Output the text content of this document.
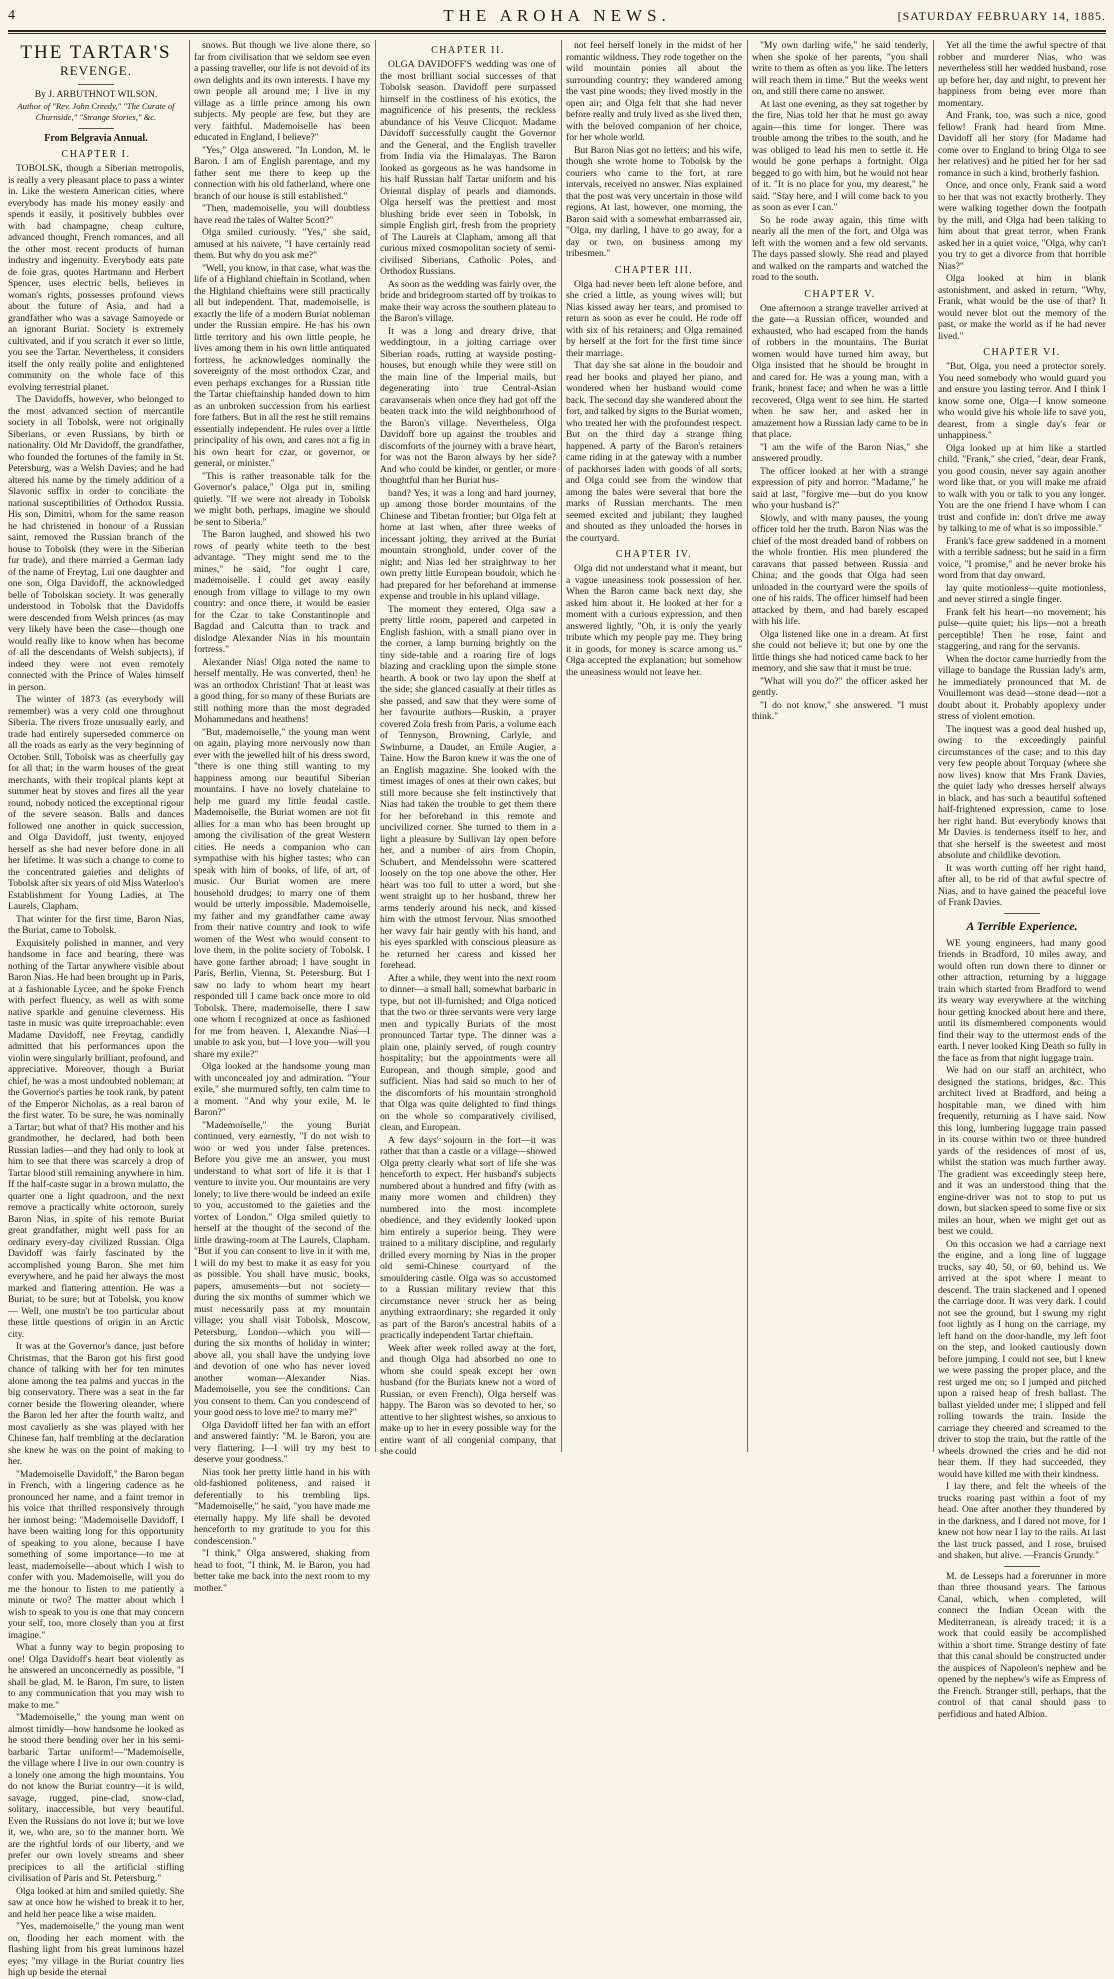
4	THE AROHA NEWS.	[SATURDAY FEBRUARY 14, 1885.
THE TARTAR'S
REVENGE.
By J. ARBUTHNOT WILSON.
Author of "Rev. John Creedy," "The Curate of Churnside," "Strange Stories," &c.
From Belgravia Annual.
CHAPTER I.

TOBOLSK, though a Siberian metropolis, is really a very pleasant place to pass a winter in. Like the western American cities, where everybody has made his money easily and spends it easily, it positively bubbles over with bad champagne, cheap culture, advanced thought, French romances, and all the other most recent products of human industry and ingenuity. Everybody eats pate de foie gras, quotes Hartmann and Herbert Spencer, uses electric bells, believes in woman's rights, possesses profound views about the future of Asia, and had a grandfather who was a savage Samoyede or an ignorant Buriat. Society is extremely cultivated, and if you scratch it ever so little, you see the Tartar. Nevertheless, it considers itself the only really polite and enlightened community on the whole face of this evolving terrestrial planet.

The Davidoffs, however, who belonged to the most advanced section of mercantile society in all Tobolsk, were not originally Siberians, or even Russians, by birth or nationality. Old Mr Davidoff, the grandfather, who founded the fortunes of the family in St. Petersburg, was a Welsh Davies; and he had altered his name by the timely addition of a Slavonic suffix in order to conciliate the national susceptibilities of Orthodox Russia. His son, Dimitri, whom for the same reason he had christened in honour of a Russian saint, removed the Russian branch of the house to Tobolsk (they were in the Siberian fur trade), and there married a German lady of the name of Freytag, Lui one daughter and one son, Olga Davidoff, the acknowledged belle of Tobolskan society. It was generally understood in Tobolsk that the Davidoffs were descended from Welsh princes (as may very likely have been the case—though one would really like to know when has become of all the descendants of Welsh subjects), if indeed they were not even remotely connected with the Prince of Wales himself in person.

The winter of 1873 (as everybody will remember) was a very cold one throughout Siberia. The rivers froze unusually early, and trade had entirely superseded commerce on all the roads as early as the very beginning of October. Still, Tobolsk was as cheerfully gay for all that; in the warm houses of the great merchants, with their tropical plants kept at summer heat by stoves and fires all the year round, nobody noticed the exceptional rigour of the severe season. Balls and dances followed one another in quick succession, and Olga Davidoff, just twenty, enjoyed herself as she had never before done in all her lifetime. It was such a change to come to the concentrated gaieties and delights of Tobolsk after six years of old Miss Waterloo's Establishment for Young Ladies, at The Laurels, Clapham.

That winter for the first time, Baron Nias, the Buriat, came to Tobolsk.

Exquisitely polished in manner, and very handsome in face and bearing, there was nothing of the Tartar anywhere visible about Baron Nias. He had been brought up in Paris, at a fashionable Lycee, and he spoke French with perfect fluency, as well as with some native sparkle and genuine cleverness. His taste in music was quite irreproachable: even Madame Davidoff, nee Freytag, candidly admitted that his performances upon the violin were singularly brilliant, profound, and appreciative. Moreover, though a Buriat chief, he was a most undoubted nobleman; at the Governor's parties he took rank, by patent of the Emperor Nicholas, as a real baron of the first water. To be sure, he was nominally a Tartar; but what of that? His mother and his grandmother, he declared, had both been Russian ladies—and they had only to look at him to see that there was scarcely a drop of Tartar blood still remaining anywhere in him. If the half-caste sugar in a brown mulatto, the quarter one a light quadroon, and the next remove a practically white octoroon, surely Baron Nias, in spite of his remote Buriat great grandfather, might well pass for an ordinary every-day civilized Russian. Olga Davidoff was fairly fascinated by the accomplished young Baron. She met him everywhere, and he paid her always the most marked and flattering attention. He was a Buriat, to be sure; but at Tobolsk, you know— Well, one mustn't be too particular about these little questions of origin in an Arctic city.

It was at the Governor's dance, just before Christmas, that the Baron got his first good chance of talking with her for ten minutes alone among the tea palms and yuccas in the big conservatory. There was a seat in the far corner beside the flowering oleander, where the Baron led her after the fourth waltz, and most cavalierly as she was played with her Chinese fan, half trembling at the declaration she knew he was on the point of making to her.

"Mademoiselle Davidoff," the Baron began in French, with a lingering cadence as he pronounced her name, and a faint tremor in his voice that thrilled responsively through her inmost being: "Mademoiselle Davidoff, I have been waiting long for this opportunity of speaking to you alone, because I have something of some importance—to me at least, mademoiselle—about which I wish to confer with you. Mademoiselle, will you do me the honour to listen to me patiently a minute or two? The matter about which I wish to speak to you is one that may concern your self, too, more closely than you at first imagine."

What a funny way to begin proposing to one! Olga Davidoff's heart beat violently as he answered an unconcernedly as possible, "I shall be glad, M. le Baron, I'm sure, to listen to any communication that you may wish to make to me."

"Mademoiselle," the young man went on almost timidly—how handsome he looked as he stood there bending over her in his semi-barbaric Tartar uniform!—"Mademoiselle, the village where I live in our own country is a lonely one among the high mountains. You do not know the Buriat country—it is wild, savage, rugged, pine-clad, snow-clad, solitary, inaccessible, but very beautiful. Even the Russians do not love it; but we love it, we, who are, so to the manner born. We are the rightful lords of our liberty, and we prefer our own lovely streams and sheer precipices to all the artificial stifling civilisation of Paris and St. Petersburg."

Olga looked at him and smiled quietly. She saw at once how he wished to break it to her, and held her peace like a wise maiden.

"Yes, mademoiselle," the young man went on, flooding her each moment with the flashing light from his great luminous hazel eyes; "my village in the Buriat country lies high up beside the eternal

snows. But though we live alone there, so far from civilisation that we seldom see even a passing traveller, our life is not devoid of its own delights and its own interests. I have my own people all around me; I live in my village as a little prince among his own subjects. My people are few, but they are very faithful. Mademoiselle has been educated in England, I believe?"

"Yes," Olga answered. "In London, M. le Baron. I am of English parentage, and my father sent me there to keep up the connection with his old fatherland, where one branch of our house is still established."

"Then, mademoiselle, you will doubtless have read the tales of Walter Scott?"

Olga smiled curiously. "Yes," she said, amused at his naivete, "I have certainly read them. But why do you ask me?"

"Well, you know, in that case, what was the life of a Highland chieftain in Scotland, when the Highland chieftains were still practically all but independent. That, mademoiselle, is exactly the life of a modern Buriat nobleman under the Russian empire. He has his own little territory and his own little people, he lives among them in his own little antiquated fortress, he acknowledges nominally the sovereignty of the most orthodox Czar, and even perhaps exchanges for a Russian title the Tartar chieftainship handed down to him as an unbroken succession from his earliest fore fathers. But in all the rest he still remains essentially independent. He rules over a little principality of his own, and cares not a fig in his own heart for czar, or governor, or general, or minister."

"This is rather treasonable talk for the Governor's palace," Olga put in, smiling quietly. "If we were not already in Tobolsk we might both, perhaps, imagine we should be sent to Siberia."

The Baron laughed, and showed his two rows of pearly white teeth to the best advantage. "They might send me to the mines," he said, "for ought I care, mademoiselle. I could get away easily enough from village to village to my own country: and once there, it would be easier for the Czar to take Constantinople and Bagdad and Calcutta than to track and dislodge Alexander Nias in his mountain fortress."

Alexander Nias! Olga noted the name to herself mentally. He was converted, then! he was an orthodox Christian! That at least was a good thing, for so many of these Buriats are still nothing more than the most degraded Mohammedans and heathens!

"But, mademoiselle," the young man went on again, playing more nervously now than ever with the jewelled hilt of his dress sword, "there is one thing still wanting to my happiness among our beautiful Siberian mountains. I have no lovely chatelaine to help me guard my little feudal castle. Mademoiselle, the Buriat women are not fit allies for a man who has been brought up among the civilisation of the great Western cities. He needs a companion who can sympathise with his higher tastes; who can speak with him of books, of life, of art, of music. Our Buriat women are mere household drudges; to marry one of them would be utterly impossible. Mademoiselle, my father and my grandfather came away from their native country and took to wife women of the West who would consent to love them, in the polite society of Tobolsk. I have gone farther abroad; I have sought in Paris, Berlin, Vienna, St. Petersburg. But I saw no lady to whom heart my heart responded till I came back once more to old Tobolsk. There, mademoiselle, there I saw one whom I recognized at once as fashioned for me from heaven. I, Alexandre Nias—I unable to ask you, but—I love you—will you share my exile?"

Olga looked at the handsome young man with unconcealed joy and admiration. "Your exile," she murmured softly, ten calm time to a moment. "And why your exile, M. le Baron?"

"Mademoiselle," the young Buriat continued, very earnestly, "I do not wish to woo or wed you under false pretences. Before you give me an answer, you must understand to what sort of life it is that I venture to invite you. Our mountains are very lonely; to live there would be indeed an exile to you, accustomed to the gaieties and the vortex of London." Olga smiled quietly to herself at the thought of the second of the little drawing-room at The Laurels, Clapham. "But if you can consent to live in it with me, I will do my best to make it as easy for you as possible. You shall have music, books, papers, amusements—but not society—during the six months of summer which we must necessarily pass at my mountain village; you shall visit Tobolsk, Moscow, Petersburg, London—which you will—during the six months of holiday in winter; above all, you shall have the undying love and devotion of one who has never loved another woman—Alexander Nias. Mademoiselle, you see the conditions. Can you consent to them. Can you condescend of your good ness to love me? to marry me?"

Olga Davidoff lifted her fan with an effort and answered faintly: "M. le Baron, you are very flattering. I—I will try my best to deserve your goodness."

Nias took her pretty little hand in his with old-fashioned politeness, and raised it deferentially to his trembling lips. "Mademoiselle," he said, "you have made me eternally happy. My life shall be devoted henceforth to my gratitude to you for this condescension."

"I think," Olga answered, shaking from head to foot, "I think, M. le Baron, you had better take me back into the next room to my mother."

CHAPTER II.

OLGA DAVIDOFF'S wedding was one of the most brilliant social successes of that Tobolsk season. Davidoff pere surpassed himself in the costliness of his exotics, the magnificence of his presents, the reckless abundance of his Veuve Clicquot. Madame Davidoff successfully caught the Governor and the General, and the English traveller from India via the Himalayas. The Baron looked as gorgeous as he was handsome in his half Russian half Tartar uniform and his Oriental display of pearls and diamonds. Olga herself was the prettiest and most blushing bride ever seen in Tobolsk, in simple English girl, fresh from the propriety of The Laurels at Clapham, among all that curious mixed cosmopolitan society of semi-civilised Siberians, Catholic Poles, and Orthodox Russians.

As soon as the wedding was fairly over, the bride and bridegroom started off by troikas to make their way across the southern plateau to the Baron's village.

It was a long and dreary drive, that weddingtour, in a jolting carriage over Siberian roads, rutting at wayside posting-houses, but enough while they were still on the main line of the Imperial mails, but degenerating into true Central-Asian caravanserais when once they had got off the beaten track into the wild neighbourhood of the Baron's village. Nevertheless, Olga Davidoff bore up against the troubles and discomforts of the journey with a brave heart, for was not the Baron always by her side? And who could be kinder, or gentler, or more thoughtful than her Buriat hus-

band? Yes, it was a long and hard journey, up among those border mountains of the Chinese and Tibetan frontier; but Olga felt at home at last when, after three weeks of incessant jolting, they arrived at the Buriat mountain stronghold, under cover of the night; and Nias led her straightway to her own pretty little European boudoir, which he had prepared for her beforehand at immense expense and trouble in his upland village.

The moment they entered, Olga saw a pretty little room, papered and carpeted in English fashion, with a small piano over in the corner, a lamp burning brightly on the tiny side-table and a roaring fire of logs blazing and crackling upon the simple stone hearth. A book or two lay upon the shelf at the side; she glanced casually at their titles as she passed, and saw that they were some of her favourite authors—Ruskin, a prayer covered Zola fresh from Paris, a volume each of Tennyson, Browning, Carlyle, and Swinburne, a Daudet, an Emile Augier, a Taine. How the Baron knew it was the one of an English magazine. She looked with the timest images of ones at their own cakes, but still more because she felt instinctively that Nias had taken the trouble to get them there for her beforehand in this remote and uncivilized corner. She turned to them in a light a pleasure by Sullivan lay open before her, and a number of airs from Chopin, Schubert, and Mendelssohn were scattered loosely on the top one above the other. Her heart was too full to utter a word, but she went straight up to her husband, threw her arms tenderly around his neck, and kissed him with the utmost fervour. Nias smoothed her wavy fair hair gently with his hand, and his eyes sparkled with conscious pleasure as he returned her caress and kissed her forehead.

After a while, they went into the next room to dinner—a small hall, somewhat barbaric in type, but not ill-furnished; and Olga noticed that the two or three servants were very large men and typically Buriats of the most pronounced Tartar type. The dinner was a plain one, plainly served, of rough country hospitality; but the appointments were all European, and though simple, good and sufficient. Nias had said so much to her of the discomforts of his mountain stronghold that Olga was quite delighted to find things on the whole so comparatively civilised, clean, and European.

A few days' sojourn in the fort—it was rather that than a castle or a village—showed Olga pretty clearly what sort of life she was henceforth to expect. Her husband's subjects numbered about a hundred and fifty (with as many more women and children) they numbered into the most incomplete obedience, and they evidently looked upon him entirely a superior being. They were trained to a military discipline, and regularly drilled every morning by Nias in the proper old semi-Chinese courtyard of the smouldering castle. Olga was so accustomed to a Russian military review that this circumstance never struck her as being anything extraordinary; she regarded it only as part of the Baron's ancestral habits of a practically independent Tartar chieftain.

Week after week rolled away at the fort, and though Olga had absorbed no one to whom she could speak except her own husband (for the Buriats knew not a word of Russian, or even French), Olga herself was happy. The Baron was so devoted to her, so attentive to her slightest wishes, so anxious to make up to her in every possible way for the entire want of all congenial company, that she could

not feel herself lonely in the midst of her romantic wildness. They rode together on the wild mountain ponies all about the surrounding country; they wandered among the vast pine woods; they lived mostly in the open air; and Olga felt that she had never before really and truly lived as she lived then, with the beloved companion of her choice, for her whole world.

But Baron Nias got no letters; and his wife, though she wrote home to Tobolsk by the couriers who came to the fort, at rare intervals, received no answer. Nias explained that the post was very uncertain in those wild regions. At last, however, one morning, the Baron said with a somewhat embarrassed air, "Olga, my darling, I have to go away, for a day or two, on business among my tribesmen."

CHAPTER III.

Olga had never been left alone before, and she cried a little, as young wives will; but Nias kissed away her tears, and promised to return as soon as ever he could. He rode off with six of his retainers; and Olga remained by herself at the fort for the first time since their marriage.

That day she sat alone in the boudoir and read her books and played her piano, and wondered when her husband would come back. The second day she wandered about the fort, and talked by signs to the Buriat women, who treated her with the profoundest respect. But on the third day a strange thing happened. A party of the Baron's retainers came riding in at the gateway with a number of packhorses laden with goods of all sorts, and Olga could see from the window that among the bales were several that bore the marks of Russian merchants. The men seemed excited and jubilant; they laughed and shouted as they unloaded the horses in the courtyard.

CHAPTER IV.

Olga did not understand what it meant, but a vague uneasiness took possession of her. When the Baron came back next day, she asked him about it. He looked at her for a moment with a curious expression, and then answered lightly, "Oh, it is only the yearly tribute which my people pay me. They bring it in goods, for money is scarce among us." Olga accepted the explanation; but somehow the uneasiness would not leave her.

"My own darling wife," he said tenderly, when she spoke of her parents, "you shall write to them as often as you like. The letters will reach them in time." But the weeks went on, and still there came no answer.

At last one evening, as they sat together by the fire, Nias told her that he must go away again—this time for longer. There was trouble among the tribes to the south, and he was obliged to lead his men to settle it. He would be gone perhaps a fortnight. Olga begged to go with him, but he would not hear of it. "It is no place for you, my dearest," he said. "Stay here, and I will come back to you as soon as ever I can."

So he rode away again, this time with nearly all the men of the fort, and Olga was left with the women and a few old servants. The days passed slowly. She read and played and walked on the ramparts and watched the road to the south.

CHAPTER V.

One afternoon a strange traveller arrived at the gate—a Russian officer, wounded and exhausted, who had escaped from the hands of robbers in the mountains. The Buriat women would have turned him away, but Olga insisted that he should be brought in and cared for. He was a young man, with a frank, honest face; and when he was a little recovered, Olga went to see him. He started when he saw her, and asked her in amazement how a Russian lady came to be in that place.

"I am the wife of the Baron Nias," she answered proudly.

The officer looked at her with a strange expression of pity and horror. "Madame," he said at last, "forgive me—but do you know who your husband is?"

Slowly, and with many pauses, the young officer told her the truth. Baron Nias was the chief of the most dreaded band of robbers on the whole frontier. His men plundered the caravans that passed between Russia and China; and the goods that Olga had seen unloaded in the courtyard were the spoils of one of his raids. The officer himself had been attacked by them, and had barely escaped with his life.

Olga listened like one in a dream. At first she could not believe it; but one by one the little things she had noticed came back to her memory, and she saw that it must be true.

"What will you do?" the officer asked her gently.

"I do not know," she answered. "I must think."

Yet all the time the awful spectre of that robber and murderer Nias, who was nevertheless still her wedded husband, rose up before her, day and night, to prevent her happiness from being ever more than momentary.

And Frank, too, was such a nice, good fellow! Frank had heard from Mme. Davidoff all her story (for Madame had come over to England to bring Olga to see her relatives) and he pitied her for her sad romance in such a kind, brotherly fashion.

Once, and once only, Frank said a word to her that was not exactly brotherly. They were walking together down the footpath by the mill, and Olga had been talking to him about that great terror, when Frank asked her in a quiet voice, "Olga, why can't you try to get a divorce from that horrible Nias?"

Olga looked at him in blank astonishment, and asked in return, "Why, Frank, what would be the use of that? It would never blot out the memory of the past, or make the world as if he had never lived."

CHAPTER VI.

"But, Olga, you need a protector sorely. You need somebody who would guard you and ensure you lasting terror. And I think I know some one, Olga—I know someone who would give his whole life to save you, dearest, from a single day's fear or unhappiness."

Olga looked up at him like a startled child. "Frank," she cried, "dear, dear Frank, you good cousin, never say again another word like that, or you will make me afraid to walk with you or talk to you any longer. You are the one friend I have whom I can trust and confide in: don't drive me away by talking to me of what is so impossible."

Frank's face grew saddened in a moment with a terrible sadness; but he said in a firm voice, "I promise," and he never broke his word from that day onward.

lay quite motionless—quite motionless, and never stirred a single finger.

Frank felt his heart—no movement; his pulse—quite quiet; his lips—not a breath perceptible! Then he rose, faint and staggering, and rang for the servants.

When the doctor came hurriedly from the village to bandage the Russian lady's arm, he immediately pronounced that M. de Vouillemont was dead—stone dead—not a doubt about it. Probably apoplexy under stress of violent emotion.

The inquest was a good deal hushed up, owing to the exceedingly painful circumstances of the case; and to this day very few people about Torquay (where she now lives) know that Mrs Frank Davies, the quiet lady who dresses herself always in black, and has such a beautiful softened half-frightened expression, came to lose her right hand. But everybody knows that Mr Davies is tenderness itself to her, and that she herself is the sweetest and most absolute and childlike devotion.

It was worth cutting off her right hand, after all, to be rid of that awful spectre of Nias, and to have gained the peaceful love of Frank Davies.

A Terrible Experience.

WE young engineers, had many good friends in Bradford, 10 miles away, and would often run down there to dinner or other attraction, returning by a luggage train which started from Bradford to wend its weary way everywhere at the witching hour getting knocked about here and there, until its dismembered components would find their way to the uttermost ends of the earth. I never looked King Death so fully in the face as from that night luggage train.

We had on our staff an architect, who designed the stations, bridges, &c. This architect lived at Bradford, and being a hospitable man, we dined with him frequently, returning as I have said. Now this long, lumbering luggage train passed in its course within two or three hundred yards of the residences of most of us, whilst the station was much further away. The gradient was exceedingly steep here, and it was an understood thing that the engine-driver was not to stop to put us down, but slacken speed to some five or six miles an hour, when we might get out as best we could.

On this occasion we had a carriage next the engine, and a long line of luggage trucks, say 40, 50, or 60, behind us. We arrived at the spot where I meant to descend. The train slackened and I opened the carriage door. It was very dark. I could not see the ground, but I swung my right foot lightly as I hung on the carriage, my left hand on the door-handle, my left foot on the step, and looked cautiously down before jumping. I could not see, but I knew we were passing the proper place, and the rest urged me on; so I jumped and pitched upon a raised heap of fresh ballast. The ballast yielded under me; I slipped and fell rolling towards the train. Inside the carriage they cheered and screamed to the driver to stop the train, but the rattle of the wheels drowned the cries and he did not hear them. If they had succeeded, they would have killed me with their kindness.

I lay there, and felt the wheels of the trucks roaring past within a foot of my head. One after another they thundered by in the darkness, and I dared not move, for I knew not how near I lay to the rails. At last the last truck passed, and I rose, bruised and shaken, but alive. —Francis Grundy."

M. de Lesseps had a forerunner in more than three thousand years. The famous Canal, which, when completed, will connect the Indian Ocean with the Mediterranean, is already traced; it is a work that could easily be accomplished within a short time. Strange destiny of fate that this canal should be constructed under the auspices of Napoleon's nephew and be opened by the nephew's wife as Empress of the French. Stranger still, perhaps, that the control of that canal should pass to perfidious and hated Albion.
